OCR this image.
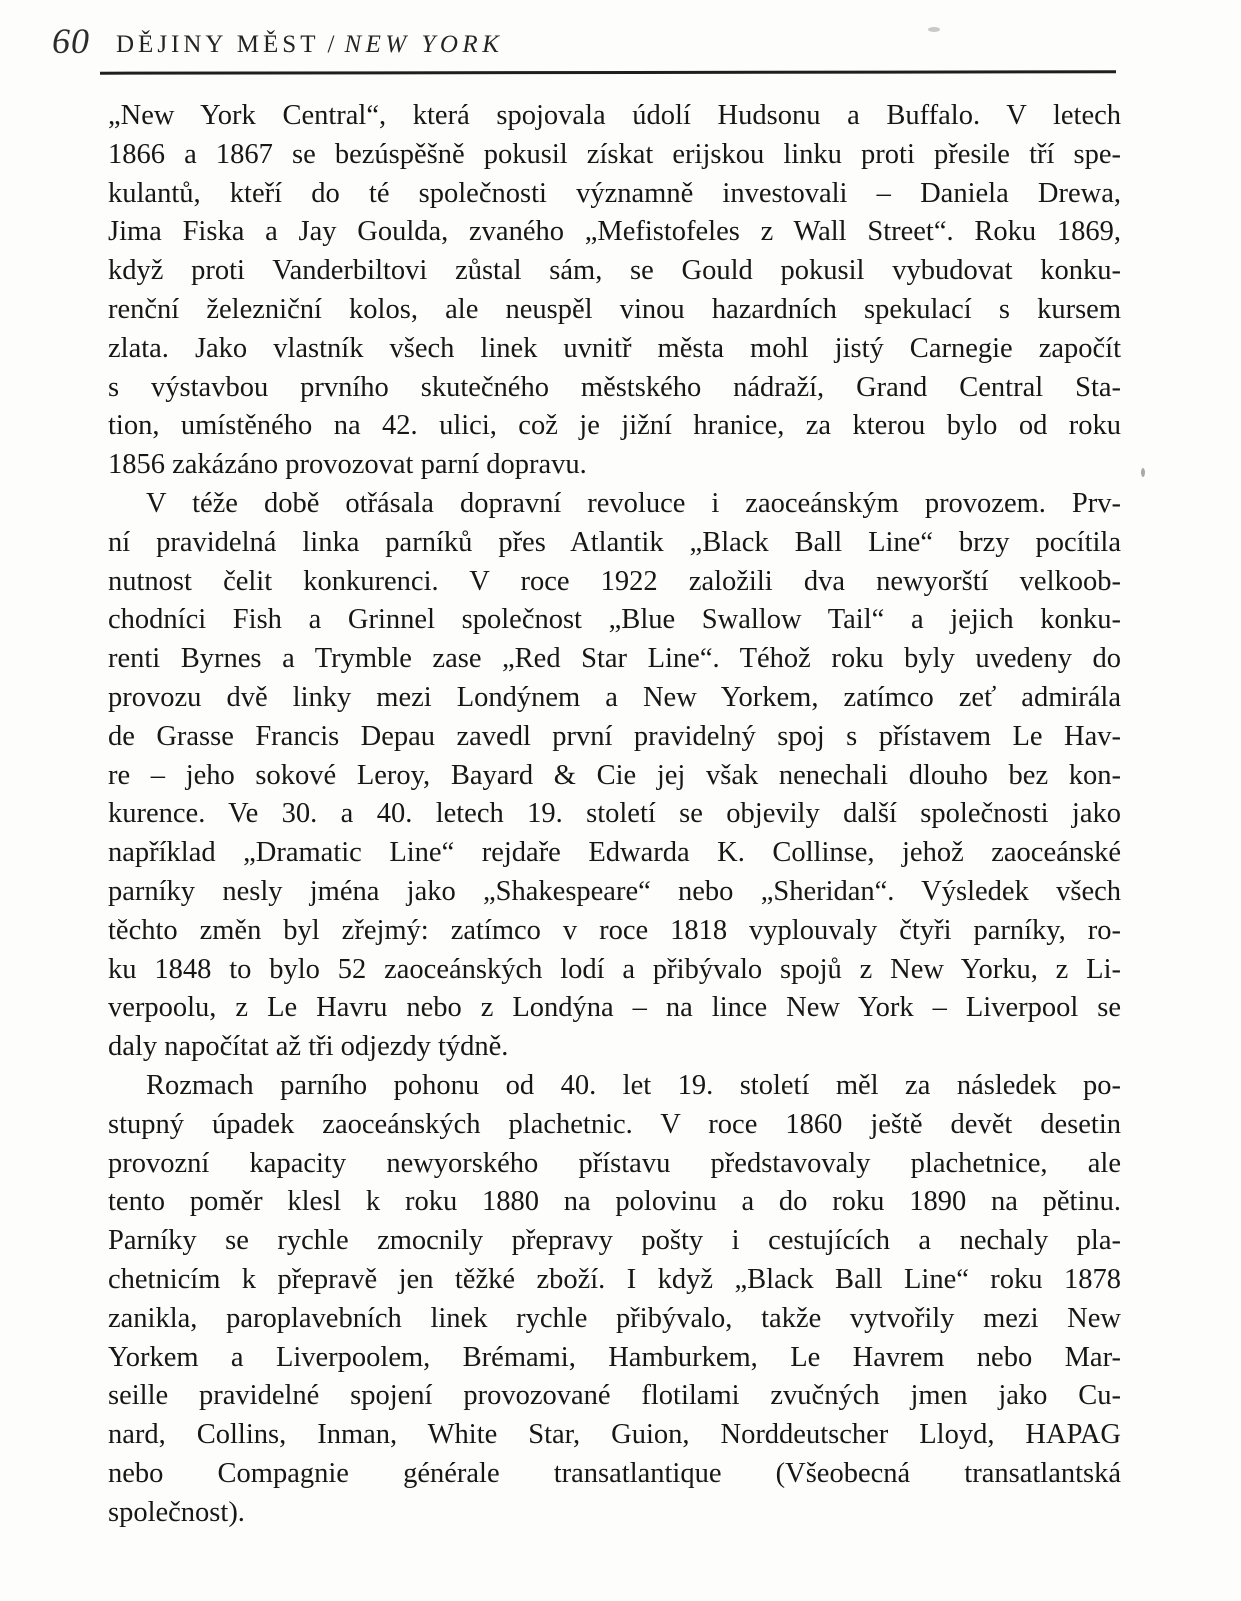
60 DĚJINY MĚST / NEW YORK
„New York Central“, která spojovala údolí Hudsonu a Buffalo. V letech
1866 a 1867 se bezúspěšně pokusil získat erijskou linku proti přesile tří spe-
kulantů, kteří do té společnosti významně investovali – Daniela Drewa,
Jima Fiska a Jay Goulda, zvaného „Mefistofeles z Wall Street“. Roku 1869,
když proti Vanderbiltovi zůstal sám, se Gould pokusil vybudovat konku-
renční železniční kolos, ale neuspěl vinou hazardních spekulací s kursem
zlata. Jako vlastník všech linek uvnitř města mohl jistý Carnegie započít
s výstavbou prvního skutečného městského nádraží, Grand Central Sta-
tion, umístěného na 42. ulici, což je jižní hranice, za kterou bylo od roku
1856 zakázáno provozovat parní dopravu.
V téže době otřásala dopravní revoluce i zaoceánským provozem. Prv-
ní pravidelná linka parníků přes Atlantik „Black Ball Line“ brzy pocítila
nutnost čelit konkurenci. V roce 1922 založili dva newyorští velkoob-
chodníci Fish a Grinnel společnost „Blue Swallow Tail“ a jejich konku-
renti Byrnes a Trymble zase „Red Star Line“. Téhož roku byly uvedeny do
provozu dvě linky mezi Londýnem a New Yorkem, zatímco zeť admirála
de Grasse Francis Depau zavedl první pravidelný spoj s přístavem Le Hav-
re – jeho sokové Leroy, Bayard & Cie jej však nenechali dlouho bez kon-
kurence. Ve 30. a 40. letech 19. století se objevily další společnosti jako
například „Dramatic Line“ rejdaře Edwarda K. Collinse, jehož zaoceánské
parníky nesly jména jako „Shakespeare“ nebo „Sheridan“. Výsledek všech
těchto změn byl zřejmý: zatímco v roce 1818 vyplouvaly čtyři parníky, ro-
ku 1848 to bylo 52 zaoceánských lodí a přibývalo spojů z New Yorku, z Li-
verpoolu, z Le Havru nebo z Londýna – na lince New York – Liverpool se
daly napočítat až tři odjezdy týdně.
Rozmach parního pohonu od 40. let 19. století měl za následek po-
stupný úpadek zaoceánských plachetnic. V roce 1860 ještě devět desetin
provozní kapacity newyorského přístavu představovaly plachetnice, ale
tento poměr klesl k roku 1880 na polovinu a do roku 1890 na pětinu.
Parníky se rychle zmocnily přepravy pošty i cestujících a nechaly pla-
chetnicím k přepravě jen těžké zboží. I když „Black Ball Line“ roku 1878
zanikla, paroplavebních linek rychle přibývalo, takže vytvořily mezi New
Yorkem a Liverpoolem, Brémami, Hamburkem, Le Havrem nebo Mar-
seille pravidelné spojení provozované flotilami zvučných jmen jako Cu-
nard, Collins, Inman, White Star, Guion, Norddeutscher Lloyd, HAPAG
nebo Compagnie générale transatlantique (Všeobecná transatlantská
společnost).
